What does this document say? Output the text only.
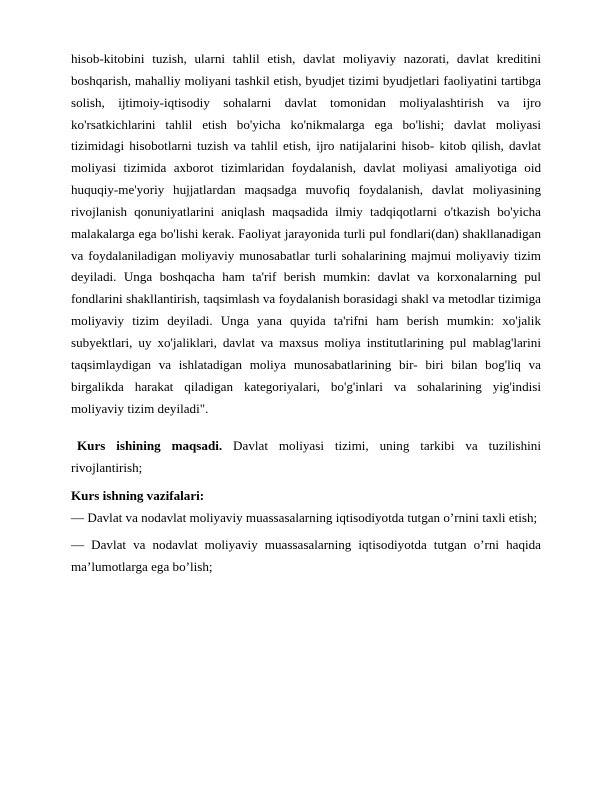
hisob-kitobini tuzish, ularni tahlil etish, davlat moliyaviy nazorati, davlat kreditini boshqarish, mahalliy moliyani tashkil etish, byudjet tizimi byudjetlari faoliyatini tartibga solish, ijtimoiy-iqtisodiy sohalarni davlat tomonidan moliyalashtirish va ijro ko'rsatkichlarini tahlil etish bo'yicha ko'nikmalarga ega bo'lishi; davlat moliyasi tizimidagi hisobotlarni tuzish va tahlil etish, ijro natijalarini hisob- kitob qilish, davlat moliyasi tizimida axborot tizimlaridan foydalanish, davlat moliyasi amaliyotiga oid huquqiy-me'yoriy hujjatlardan maqsadga muvofiq foydalanish, davlat moliyasining rivojlanish qonuniyatlarini aniqlash maqsadida ilmiy tadqiqotlarni o'tkazish bo'yicha malakalarga ega bo'lishi kerak. Faoliyat jarayonida turli pul fondlari(dan) shakllanadigan va foydalaniladigan moliyaviy munosabatlar turli sohalarining majmui moliyaviy tizim deyiladi. Unga boshqacha ham ta'rif berish mumkin: davlat va korxonalarning pul fondlarini shakllantirish, taqsimlash va foydalanish borasidagi shakl va metodlar tizimiga moliyaviy tizim deyiladi. Unga yana quyida ta'rifni ham berish mumkin: xo'jalik subyektlari, uy xo'jaliklari, davlat va maxsus moliya institutlarining pul mablag'larini taqsimlaydigan va ishlatadigan moliya munosabatlarining bir- biri bilan bog'liq va birgalikda harakat qiladigan kategoriyalari, bo'g'inlari va sohalarining yig'indisi moliyaviy tizim deyiladi".

Kurs ishining maqsadi. Davlat moliyasi tizimi, uning tarkibi va tuzilishini rivojlantirish;

Kurs ishning vazifalari:

— Davlat va nodavlat moliyaviy muassasalarning iqtisodiyotda tutgan o’rnini taxli etish;

— Davlat va nodavlat moliyaviy muassasalarning iqtisodiyotda tutgan o’rni haqida ma’lumotlarga ega bo’lish;
